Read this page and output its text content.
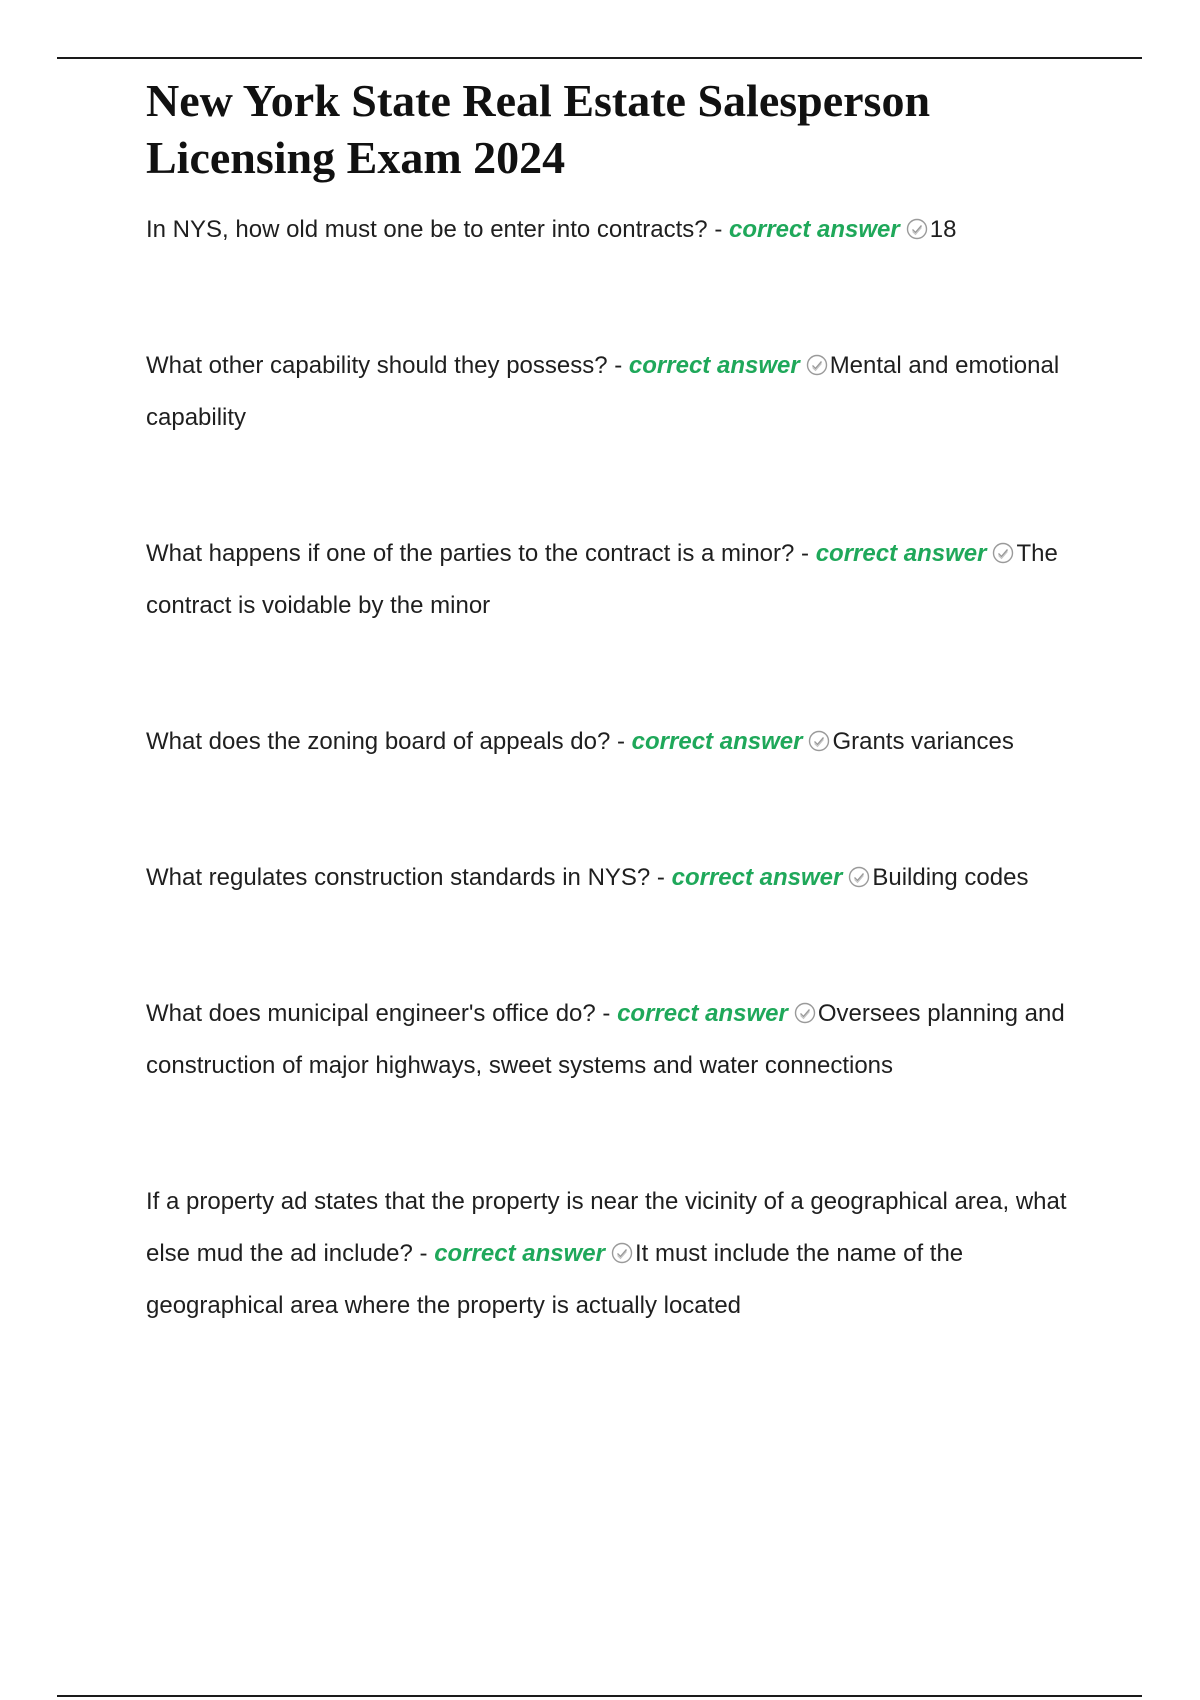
New York State Real Estate Salesperson Licensing Exam 2024

In NYS, how old must one be to enter into contracts? - correct answer 18

What other capability should they possess? - correct answer Mental and emotional capability

What happens if one of the parties to the contract is a minor? - correct answer The contract is voidable by the minor

What does the zoning board of appeals do? - correct answer Grants variances

What regulates construction standards in NYS? - correct answer Building codes

What does municipal engineer's office do? - correct answer Oversees planning and construction of major highways, sweet systems and water connections

If a property ad states that the property is near the vicinity of a geographical area, what else mud the ad include? - correct answer It must include the name of the geographical area where the property is actually located
